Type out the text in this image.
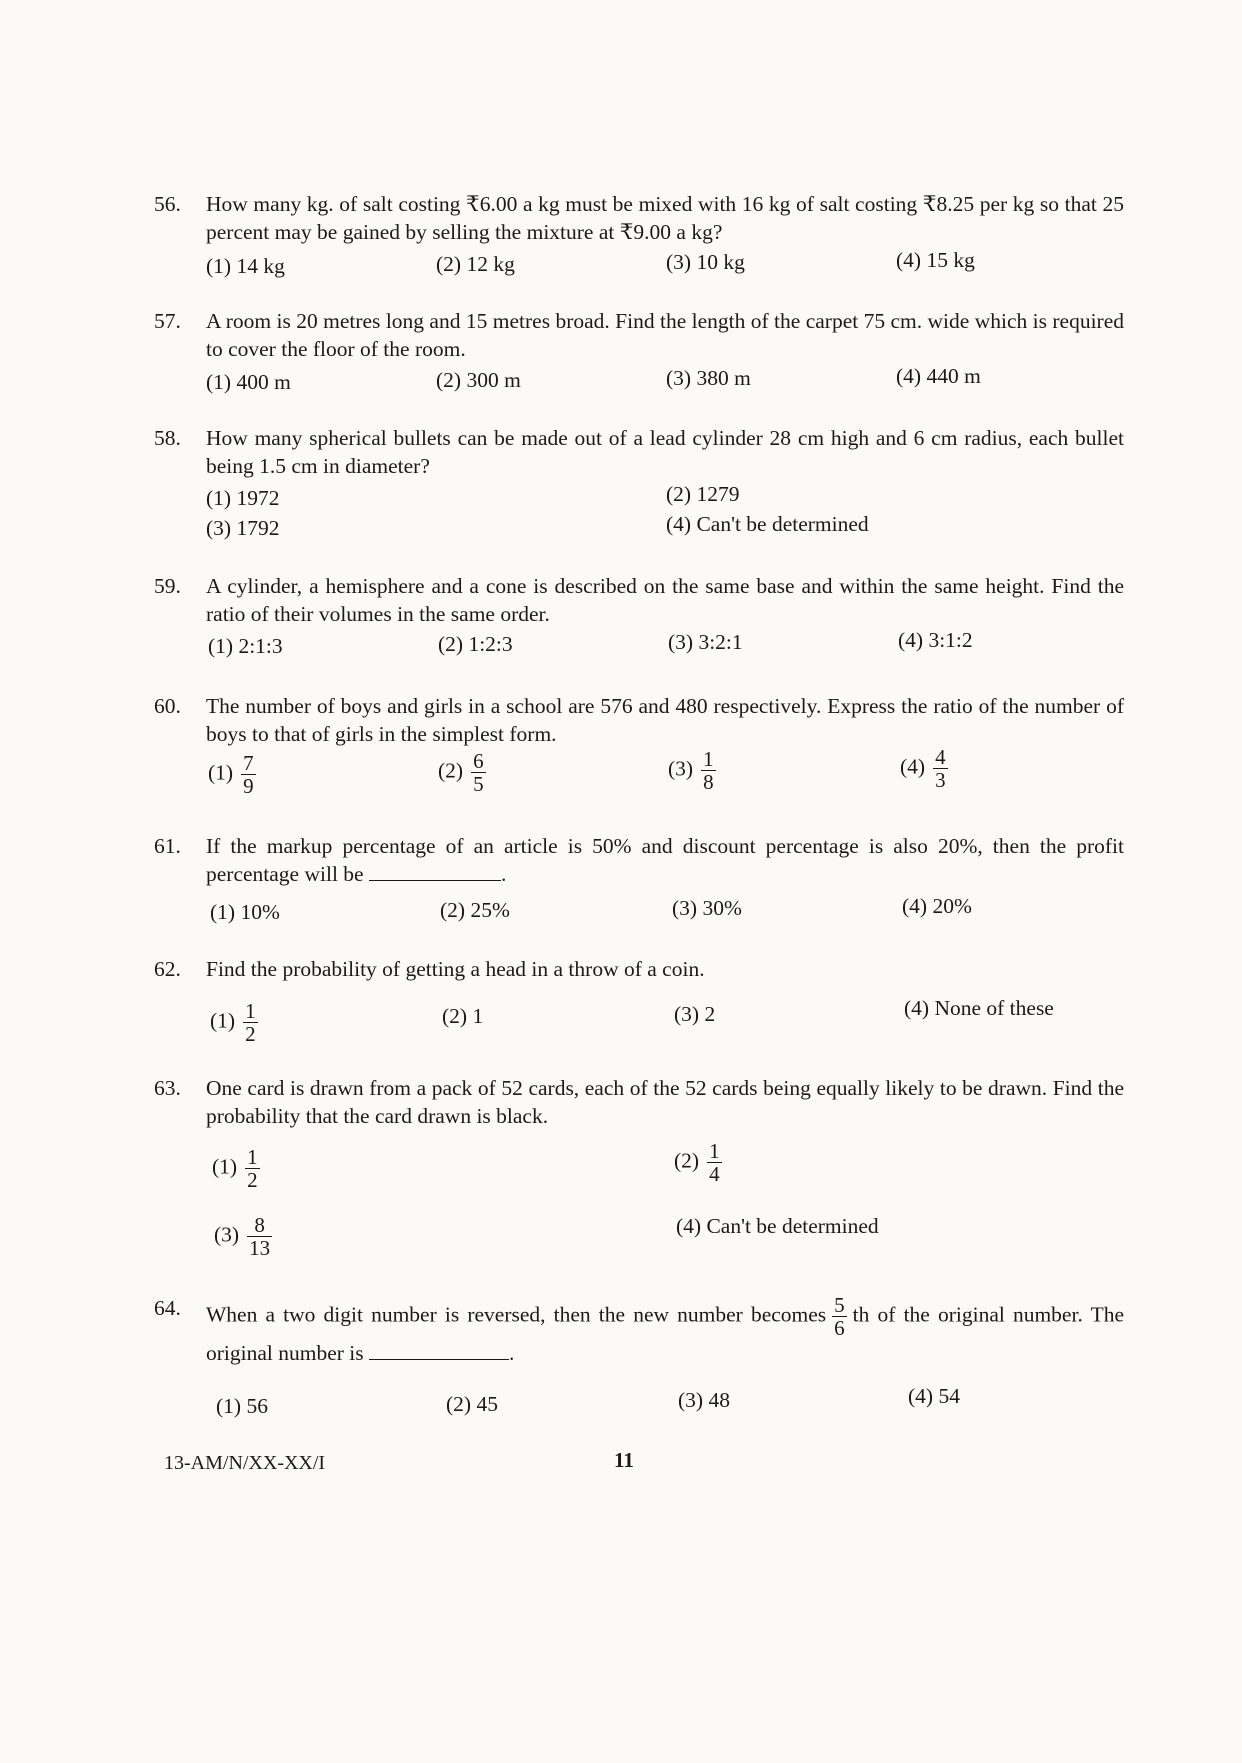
56.	How many kg. of salt costing ₹6.00 a kg must be mixed with 16 kg of salt costing ₹8.25 per kg so that 25 percent may be gained by selling the mixture at ₹9.00 a kg?
(1) 14 kg	(2) 12 kg	(3) 10 kg	(4) 15 kg
57.	A room is 20 metres long and 15 metres broad. Find the length of the carpet 75 cm. wide which is required to cover the floor of the room.
(1) 400 m	(2) 300 m	(3) 380 m	(4) 440 m
58.	How many spherical bullets can be made out of a lead cylinder 28 cm high and 6 cm radius, each bullet being 1.5 cm in diameter?
(1) 1972	(2) 1279
(3) 1792	(4) Can't be determined
59.	A cylinder, a hemisphere and a cone is described on the same base and within the same height. Find the ratio of their volumes in the same order.
(1) 2:1:3	(2) 1:2:3	(3) 3:2:1	(4) 3:1:2
60.	The number of boys and girls in a school are 576 and 480 respectively. Express the ratio of the number of boys to that of girls in the simplest form.
$(1) \frac{7}{9}$	$(2) \frac{6}{5}$	$(3) \frac{1}{8}$	$(4) \frac{4}{3}$
61.	If the markup percentage of an article is 50% and discount percentage is also 20%, then the profit percentage will be	.
(1) 10%	(2) 25%	(3) 30%	(4) 20%
62.	Find the probability of getting a head in a throw of a coin.
$(1) \frac{1}{2}$	(2) 1	(3) 2	(4) None of these
63.	One card is drawn from a pack of 52 cards, each of the 52 cards being equally likely to be drawn. Find the probability that the card drawn is black.
$(1) \frac{1}{2}$	$(2) \frac{1}{4}$
$(3) \frac{8}{13}$	(4) Can't be determined
64.	When a two digit number is reversed, then the new number becomes $\frac{5}{6}$ th of the original number. The original number is	.
(1) 56	(2) 45	(3) 48	(4) 54
13-AM/N/XX-XX/I	11
